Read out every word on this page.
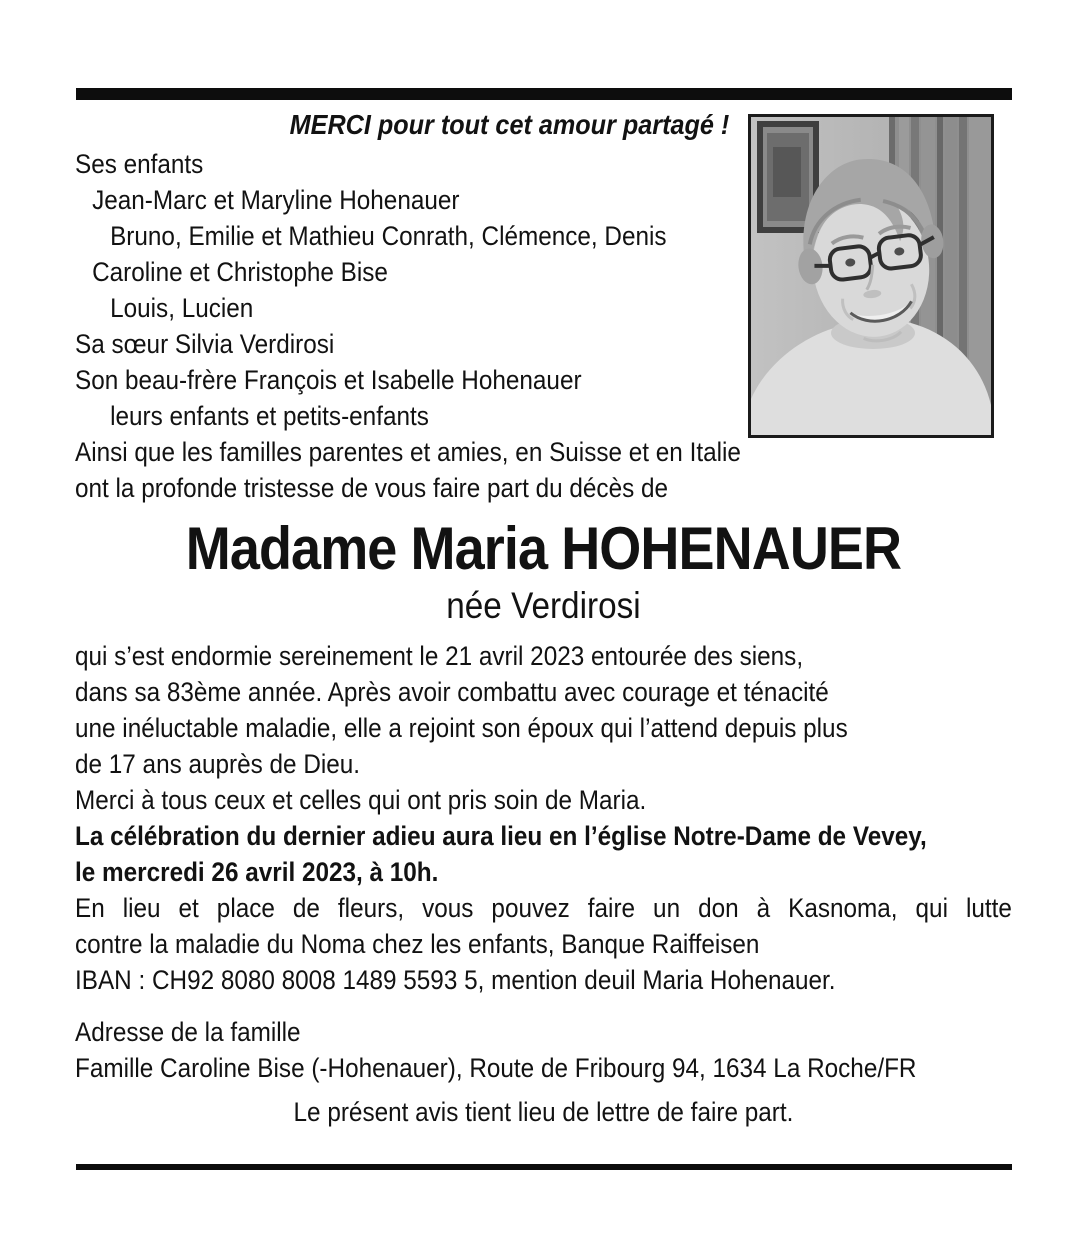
MERCI pour tout cet amour partagé !
Ses enfants
Jean-Marc et Maryline Hohenauer
Bruno, Emilie et Mathieu Conrath, Clémence, Denis
Caroline et Christophe Bise
Louis, Lucien
Sa sœur Silvia Verdirosi
Son beau-frère François et Isabelle Hohenauer
leurs enfants et petits-enfants
Ainsi que les familles parentes et amies, en Suisse et en Italie
ont la profonde tristesse de vous faire part du décès de
Madame Maria HOHENAUER
née Verdirosi
qui s’est endormie sereinement le 21 avril 2023 entourée des siens,
dans sa 83ème année. Après avoir combattu avec courage et ténacité
une inéluctable maladie, elle a rejoint son époux qui l’attend depuis plus
de 17 ans auprès de Dieu.
Merci à tous ceux et celles qui ont pris soin de Maria.
La célébration du dernier adieu aura lieu en l’église Notre-Dame de Vevey,
le mercredi 26 avril 2023, à 10h.
En lieu et place de fleurs, vous pouvez faire un don à Kasnoma, qui lutte
contre la maladie du Noma chez les enfants, Banque Raiffeisen
IBAN : CH92 8080 8008 1489 5593 5, mention deuil Maria Hohenauer.
Adresse de la famille
Famille Caroline Bise (-Hohenauer), Route de Fribourg 94, 1634 La Roche/FR
Le présent avis tient lieu de lettre de faire part.
